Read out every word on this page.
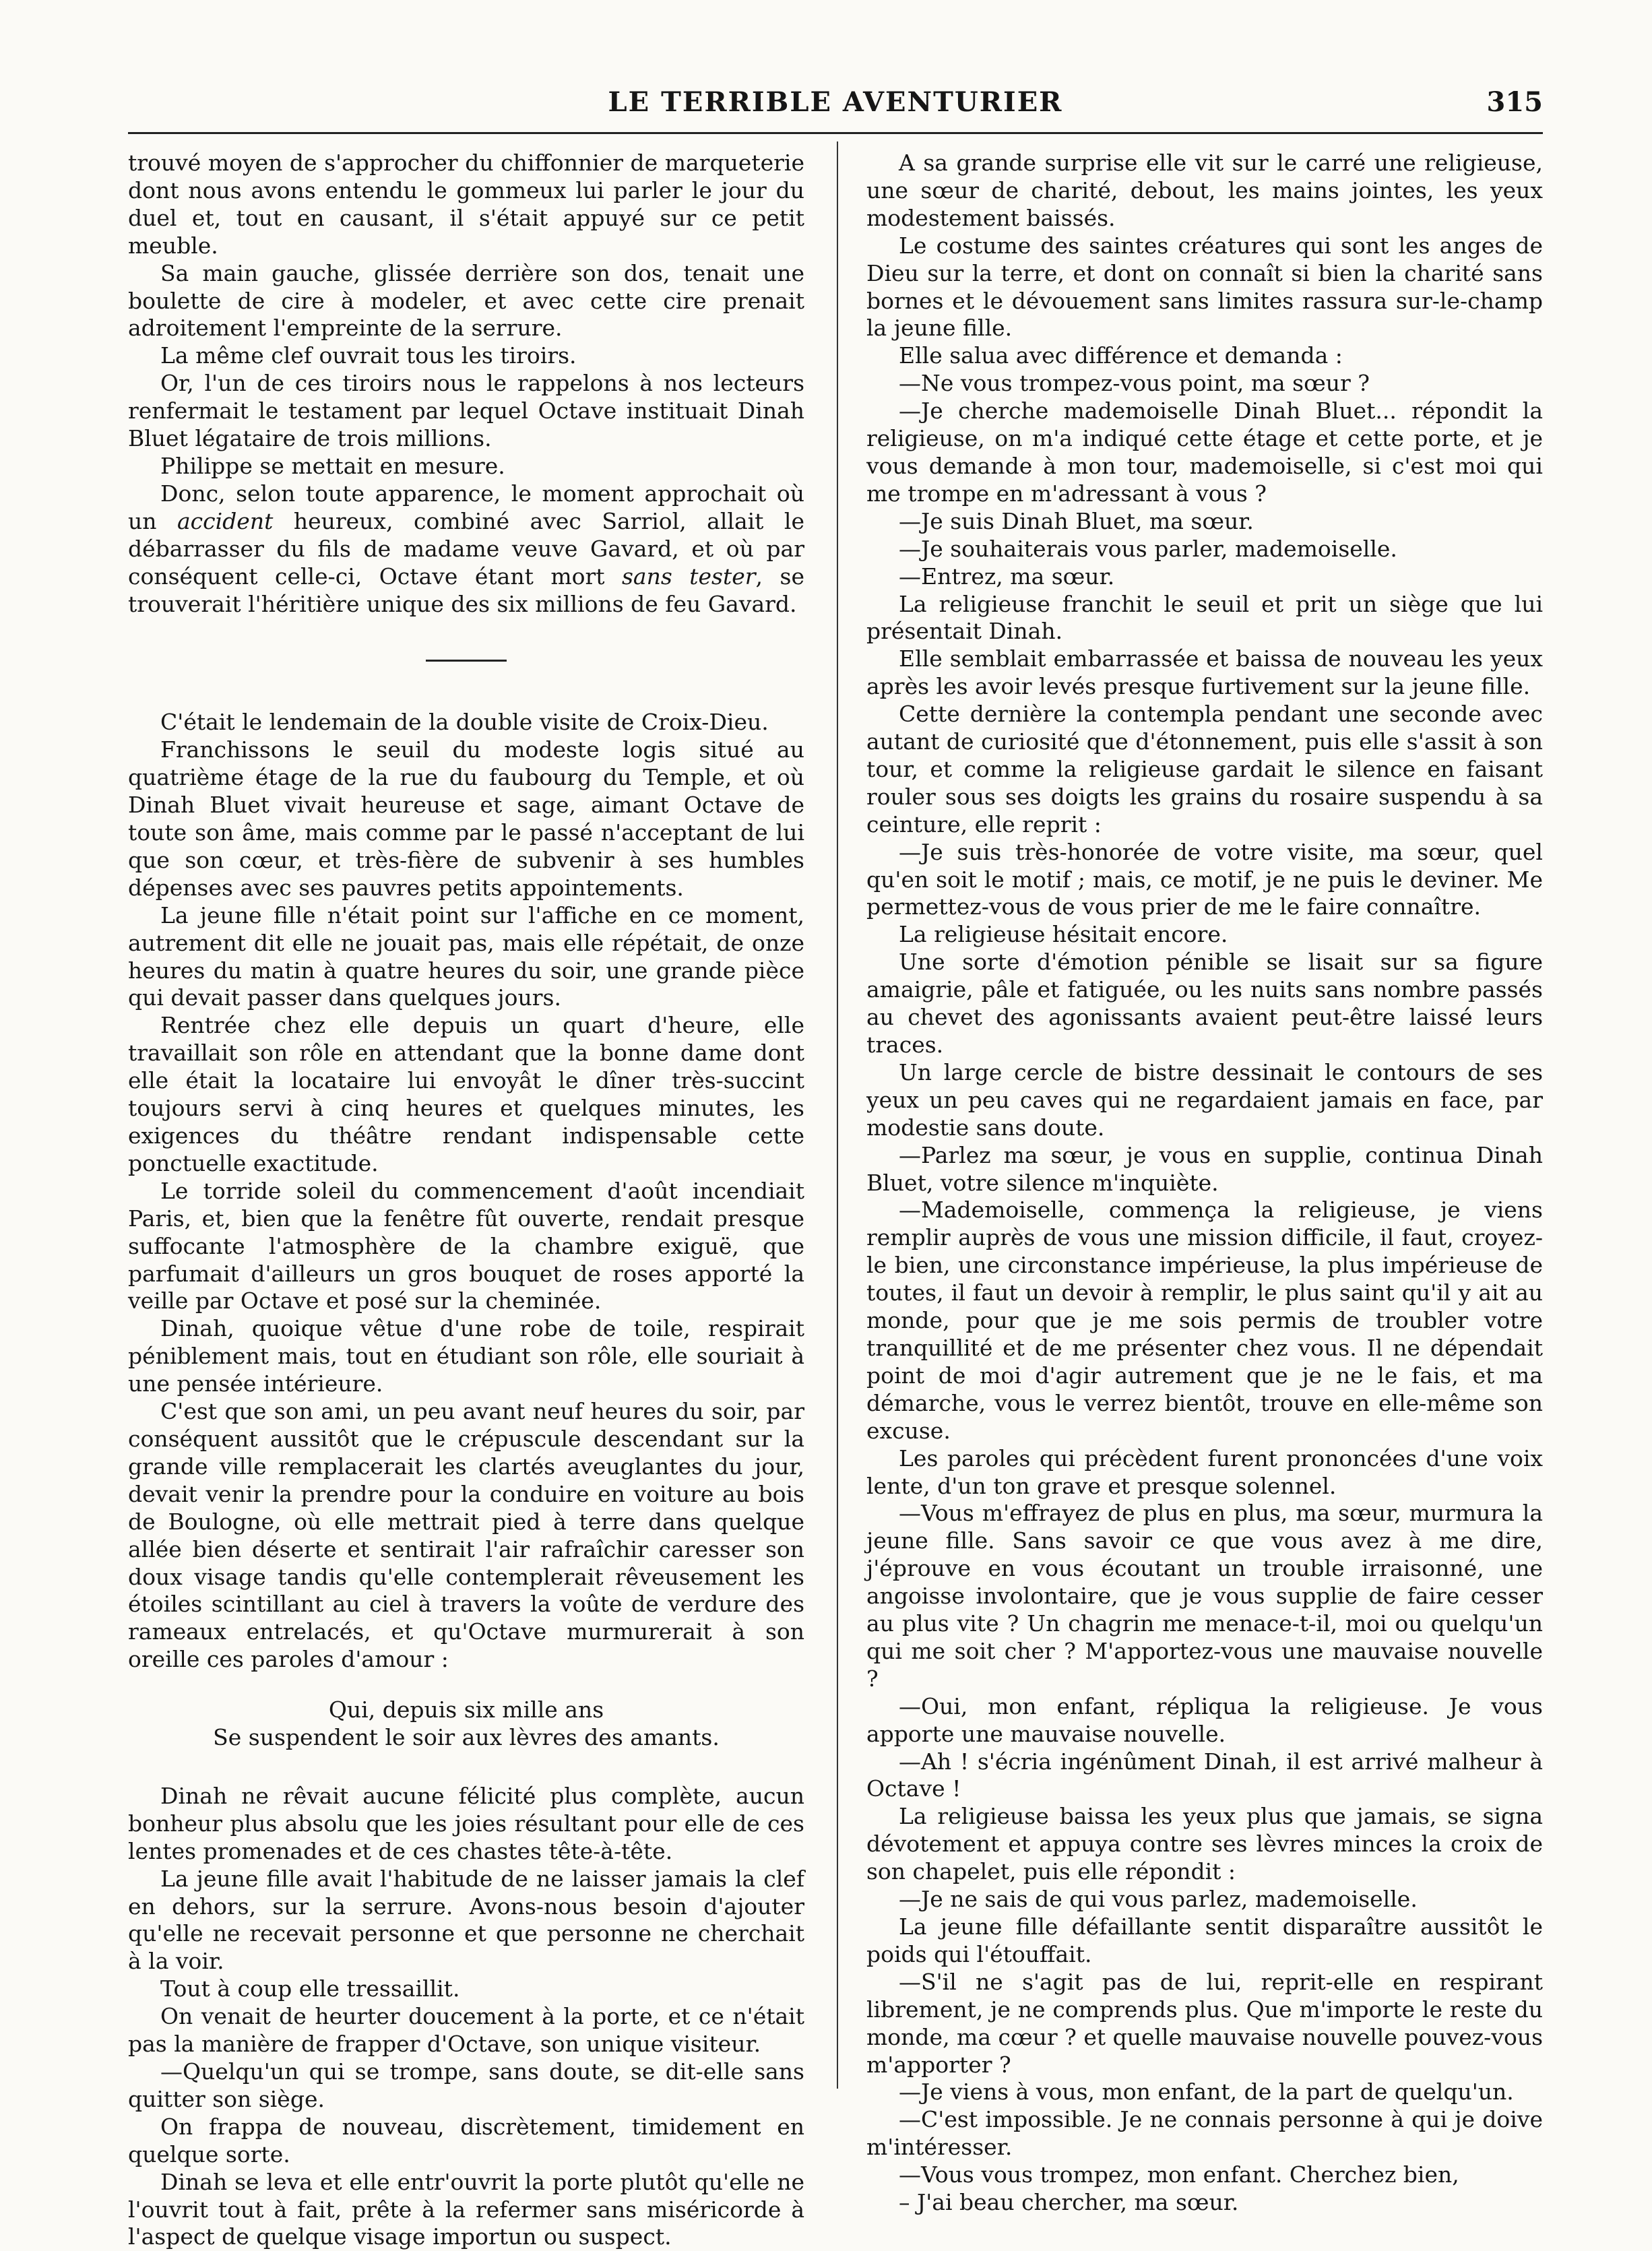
LE TERRIBLE AVENTURIER	315

trouvé moyen de s'approcher du chiffonnier de marqueterie dont nous avons entendu le gommeux lui parler le jour du duel et, tout en causant, il s'était appuyé sur ce petit meuble.

Sa main gauche, glissée derrière son dos, tenait une boulette de cire à modeler, et avec cette cire prenait adroitement l'empreinte de la serrure.

La même clef ouvrait tous les tiroirs.

Or, l'un de ces tiroirs nous le rappelons à nos lecteurs renfermait le testament par lequel Octave instituait Dinah Bluet légataire de trois millions.

Philippe se mettait en mesure.

Donc, selon toute apparence, le moment approchait où un accident heureux, combiné avec Sarriol, allait le débarrasser du fils de madame veuve Gavard, et où par conséquent celle-ci, Octave étant mort sans tester, se trouverait l'héritière unique des six millions de feu Gavard.

C'était le lendemain de la double visite de Croix-Dieu.

Franchissons le seuil du modeste logis situé au quatrième étage de la rue du faubourg du Temple, et où Dinah Bluet vivait heureuse et sage, aimant Octave de toute son âme, mais comme par le passé n'acceptant de lui que son cœur, et très-fière de subvenir à ses humbles dépenses avec ses pauvres petits appointements.

La jeune fille n'était point sur l'affiche en ce moment, autrement dit elle ne jouait pas, mais elle répétait, de onze heures du matin à quatre heures du soir, une grande pièce qui devait passer dans quelques jours.

Rentrée chez elle depuis un quart d'heure, elle travaillait son rôle en attendant que la bonne dame dont elle était la locataire lui envoyât le dîner très-succint toujours servi à cinq heures et quelques minutes, les exigences du théâtre rendant indispensable cette ponctuelle exactitude.

Le torride soleil du commencement d'août incendiait Paris, et, bien que la fenêtre fût ouverte, rendait presque suffocante l'atmosphère de la chambre exiguë, que parfumait d'ailleurs un gros bouquet de roses apporté la veille par Octave et posé sur la cheminée.

Dinah, quoique vêtue d'une robe de toile, respirait péniblement mais, tout en étudiant son rôle, elle souriait à une pensée intérieure.

C'est que son ami, un peu avant neuf heures du soir, par conséquent aussitôt que le crépuscule descendant sur la grande ville remplacerait les clartés aveuglantes du jour, devait venir la prendre pour la conduire en voiture au bois de Boulogne, où elle mettrait pied à terre dans quelque allée bien déserte et sentirait l'air rafraîchir caresser son doux visage tandis qu'elle contemplerait rêveusement les étoiles scintillant au ciel à travers la voûte de verdure des rameaux entrelacés, et qu'Octave murmurerait à son oreille ces paroles d'amour :

Qui, depuis six mille ans
Se suspendent le soir aux lèvres des amants.

Dinah ne rêvait aucune félicité plus complète, aucun bonheur plus absolu que les joies résultant pour elle de ces lentes promenades et de ces chastes tête-à-tête.

La jeune fille avait l'habitude de ne laisser jamais la clef en dehors, sur la serrure. Avons-nous besoin d'ajouter qu'elle ne recevait personne et que personne ne cherchait à la voir.

Tout à coup elle tressaillit.

On venait de heurter doucement à la porte, et ce n'était pas la manière de frapper d'Octave, son unique visiteur.

—Quelqu'un qui se trompe, sans doute, se dit-elle sans quitter son siège.

On frappa de nouveau, discrètement, timidement en quelque sorte.

Dinah se leva et elle entr'ouvrit la porte plutôt qu'elle ne l'ouvrit tout à fait, prête à la refermer sans miséricorde à l'aspect de quelque visage importun ou suspect.

A sa grande surprise elle vit sur le carré une religieuse, une sœur de charité, debout, les mains jointes, les yeux modestement baissés.

Le costume des saintes créatures qui sont les anges de Dieu sur la terre, et dont on connaît si bien la charité sans bornes et le dévouement sans limites rassura sur-le-champ la jeune fille.

Elle salua avec différence et demanda :

—Ne vous trompez-vous point, ma sœur ?

—Je cherche mademoiselle Dinah Bluet... répondit la religieuse, on m'a indiqué cette étage et cette porte, et je vous demande à mon tour, mademoiselle, si c'est moi qui me trompe en m'adressant à vous ?

—Je suis Dinah Bluet, ma sœur.

—Je souhaiterais vous parler, mademoiselle.

—Entrez, ma sœur.

La religieuse franchit le seuil et prit un siège que lui présentait Dinah.

Elle semblait embarrassée et baissa de nouveau les yeux après les avoir levés presque furtivement sur la jeune fille.

Cette dernière la contempla pendant une seconde avec autant de curiosité que d'étonnement, puis elle s'assit à son tour, et comme la religieuse gardait le silence en faisant rouler sous ses doigts les grains du rosaire suspendu à sa ceinture, elle reprit :

—Je suis très-honorée de votre visite, ma sœur, quel qu'en soit le motif ; mais, ce motif, je ne puis le deviner. Me permettez-vous de vous prier de me le faire connaître.

La religieuse hésitait encore.

Une sorte d'émotion pénible se lisait sur sa figure amaigrie, pâle et fatiguée, ou les nuits sans nombre passés au chevet des agonissants avaient peut-être laissé leurs traces.

Un large cercle de bistre dessinait le contours de ses yeux un peu caves qui ne regardaient jamais en face, par modestie sans doute.

—Parlez ma sœur, je vous en supplie, continua Dinah Bluet, votre silence m'inquiète.

—Mademoiselle, commença la religieuse, je viens remplir auprès de vous une mission difficile, il faut, croyez-le bien, une circonstance impérieuse, la plus impérieuse de toutes, il faut un devoir à remplir, le plus saint qu'il y ait au monde, pour que je me sois permis de troubler votre tranquillité et de me présenter chez vous. Il ne dépendait point de moi d'agir autrement que je ne le fais, et ma démarche, vous le verrez bientôt, trouve en elle-même son excuse.

Les paroles qui précèdent furent prononcées d'une voix lente, d'un ton grave et presque solennel.

—Vous m'effrayez de plus en plus, ma sœur, murmura la jeune fille. Sans savoir ce que vous avez à me dire, j'éprouve en vous écoutant un trouble irraisonné, une angoisse involontaire, que je vous supplie de faire cesser au plus vite ? Un chagrin me menace-t-il, moi ou quelqu'un qui me soit cher ? M'apportez-vous une mauvaise nouvelle ?

—Oui, mon enfant, répliqua la religieuse. Je vous apporte une mauvaise nouvelle.

—Ah ! s'écria ingénûment Dinah, il est arrivé malheur à Octave !

La religieuse baissa les yeux plus que jamais, se signa dévotement et appuya contre ses lèvres minces la croix de son chapelet, puis elle répondit :

—Je ne sais de qui vous parlez, mademoiselle.

La jeune fille défaillante sentit disparaître aussitôt le poids qui l'étouffait.

—S'il ne s'agit pas de lui, reprit-elle en respirant librement, je ne comprends plus. Que m'importe le reste du monde, ma cœur ? et quelle mauvaise nouvelle pouvez-vous m'apporter ?

—Je viens à vous, mon enfant, de la part de quelqu'un.

—C'est impossible. Je ne connais personne à qui je doive m'intéresser.

—Vous vous trompez, mon enfant. Cherchez bien,

– J'ai beau chercher, ma sœur.
